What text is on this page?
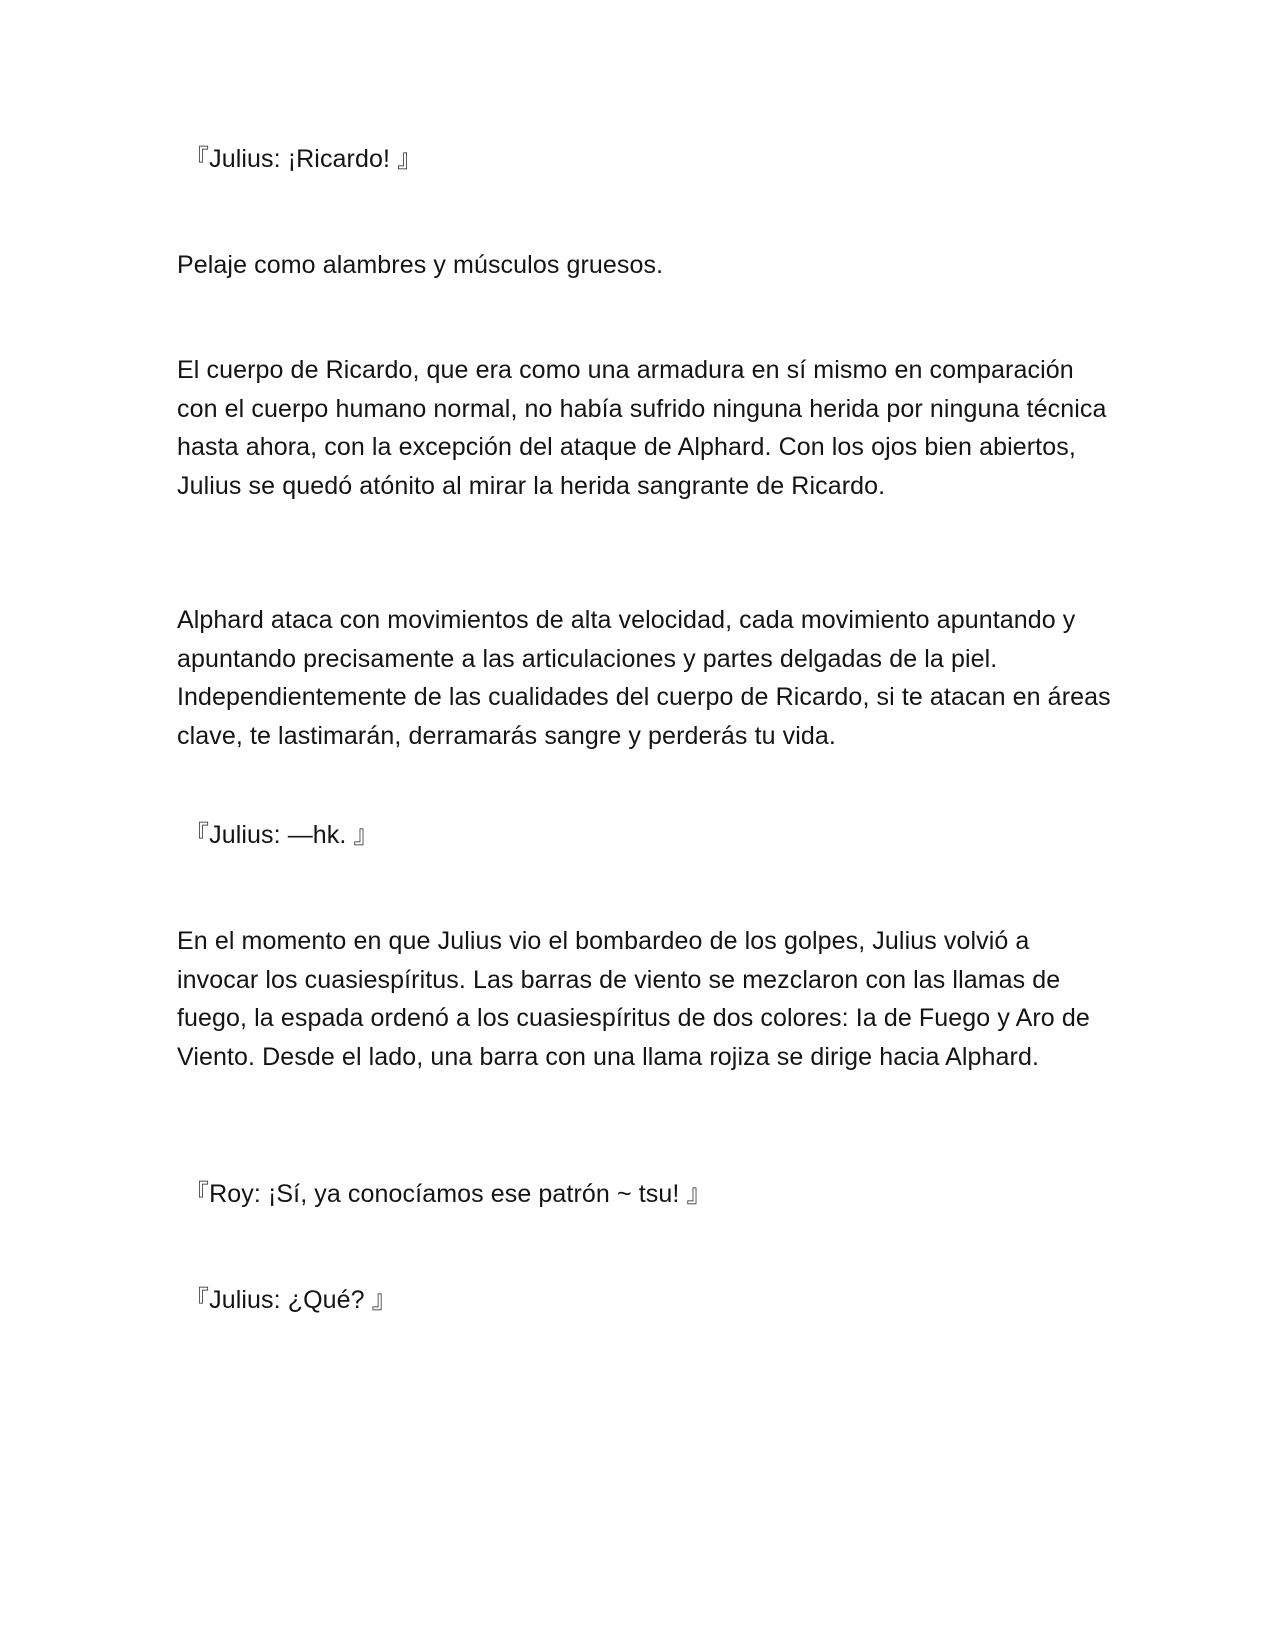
『Julius: ¡Ricardo! 』

Pelaje como alambres y músculos gruesos.

El cuerpo de Ricardo, que era como una armadura en sí mismo en comparación con el cuerpo humano normal, no había sufrido ninguna herida por ninguna técnica hasta ahora, con la excepción del ataque de Alphard. Con los ojos bien abiertos, Julius se quedó atónito al mirar la herida sangrante de Ricardo.

Alphard ataca con movimientos de alta velocidad, cada movimiento apuntando y apuntando precisamente a las articulaciones y partes delgadas de la piel. Independientemente de las cualidades del cuerpo de Ricardo, si te atacan en áreas clave, te lastimarán, derramarás sangre y perderás tu vida.

『Julius: —hk. 』

En el momento en que Julius vio el bombardeo de los golpes, Julius volvió a invocar los cuasiespíritus. Las barras de viento se mezclaron con las llamas de fuego, la espada ordenó a los cuasiespíritus de dos colores: Ia de Fuego y Aro de Viento. Desde el lado, una barra con una llama rojiza se dirige hacia Alphard.

『Roy: ¡Sí, ya conocíamos ese patrón ~ tsu! 』

『Julius: ¿Qué? 』
